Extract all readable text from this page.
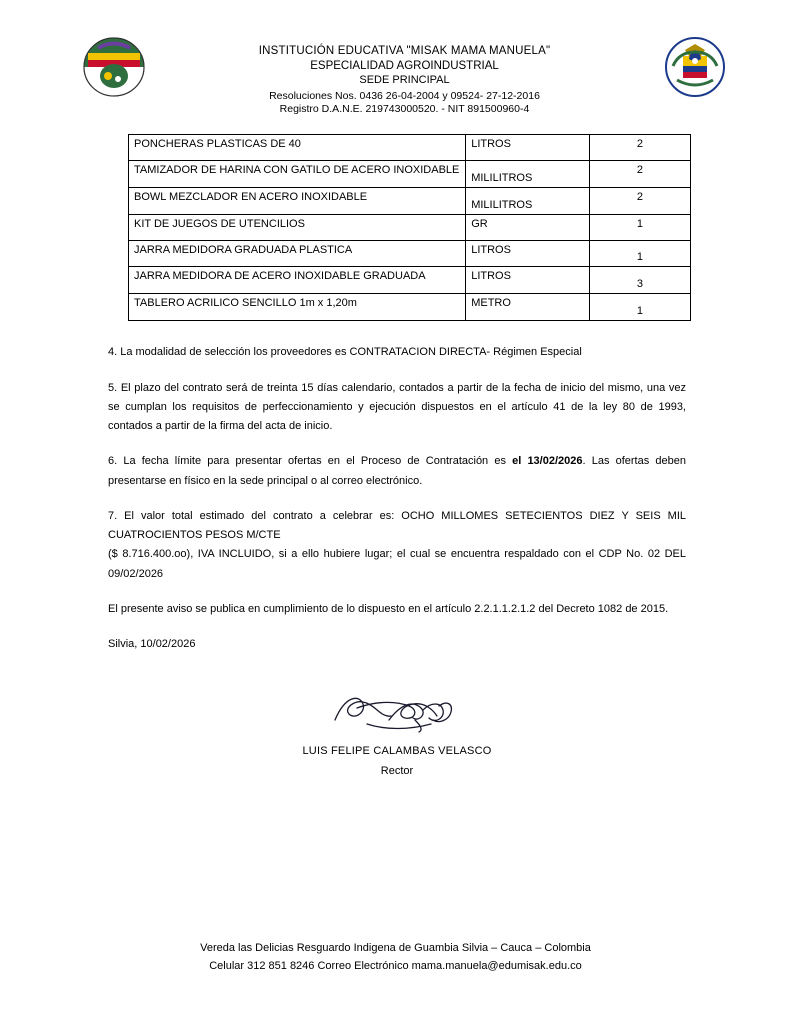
INSTITUCIÓN EDUCATIVA "MISAK MAMA MANUELA"
ESPECIALIDAD AGROINDUSTRIAL
SEDE PRINCIPAL
Resoluciones Nos. 0436 26-04-2004 y 09524- 27-12-2016
Registro D.A.N.E. 219743000520. - NIT 891500960-4
PONCHERAS PLASTICAS DE 40	LITROS	2
TAMIZADOR DE HARINA CON GATILO DE ACERO INOXIDABLE	MILILITROS	2
BOWL MEZCLADOR EN ACERO INOXIDABLE	MILILITROS	2
KIT DE JUEGOS DE UTENCILIOS	GR	1
JARRA MEDIDORA GRADUADA PLASTICA	LITROS	1
JARRA MEDIDORA DE ACERO INOXIDABLE GRADUADA	LITROS	3
TABLERO ACRILICO SENCILLO 1m x 1,20m	METRO	1

4. La modalidad de selección los proveedores es CONTRATACION DIRECTA- Régimen Especial

5. El plazo del contrato será de treinta 15 días calendario, contados a partir de la fecha de inicio del mismo, una vez se cumplan los requisitos de perfeccionamiento y ejecución dispuestos en el artículo 41 de la ley 80 de 1993, contados a partir de la firma del acta de inicio.

6. La fecha límite para presentar ofertas en el Proceso de Contratación es el 13/02/2026. Las ofertas deben presentarse en físico en la sede principal o al correo electrónico.

7. El valor total estimado del contrato a celebrar es: OCHO MILLOMES SETECIENTOS DIEZ Y SEIS MIL CUATROCIENTOS PESOS M/CTE
($ 8.716.400.oo), IVA INCLUIDO, si a ello hubiere lugar; el cual se encuentra respaldado con el CDP No. 02 DEL 09/02/2026

El presente aviso se publica en cumplimiento de lo dispuesto en el artículo 2.2.1.1.2.1.2 del Decreto 1082 de 2015.

Silvia, 10/02/2026

LUIS FELIPE CALAMBAS VELASCO
Rector
Vereda las Delicias Resguardo Indigena de Guambia Silvia – Cauca – Colombia
Celular 312 851 8246 Correo Electrónico mama.manuela@edumisak.edu.co
